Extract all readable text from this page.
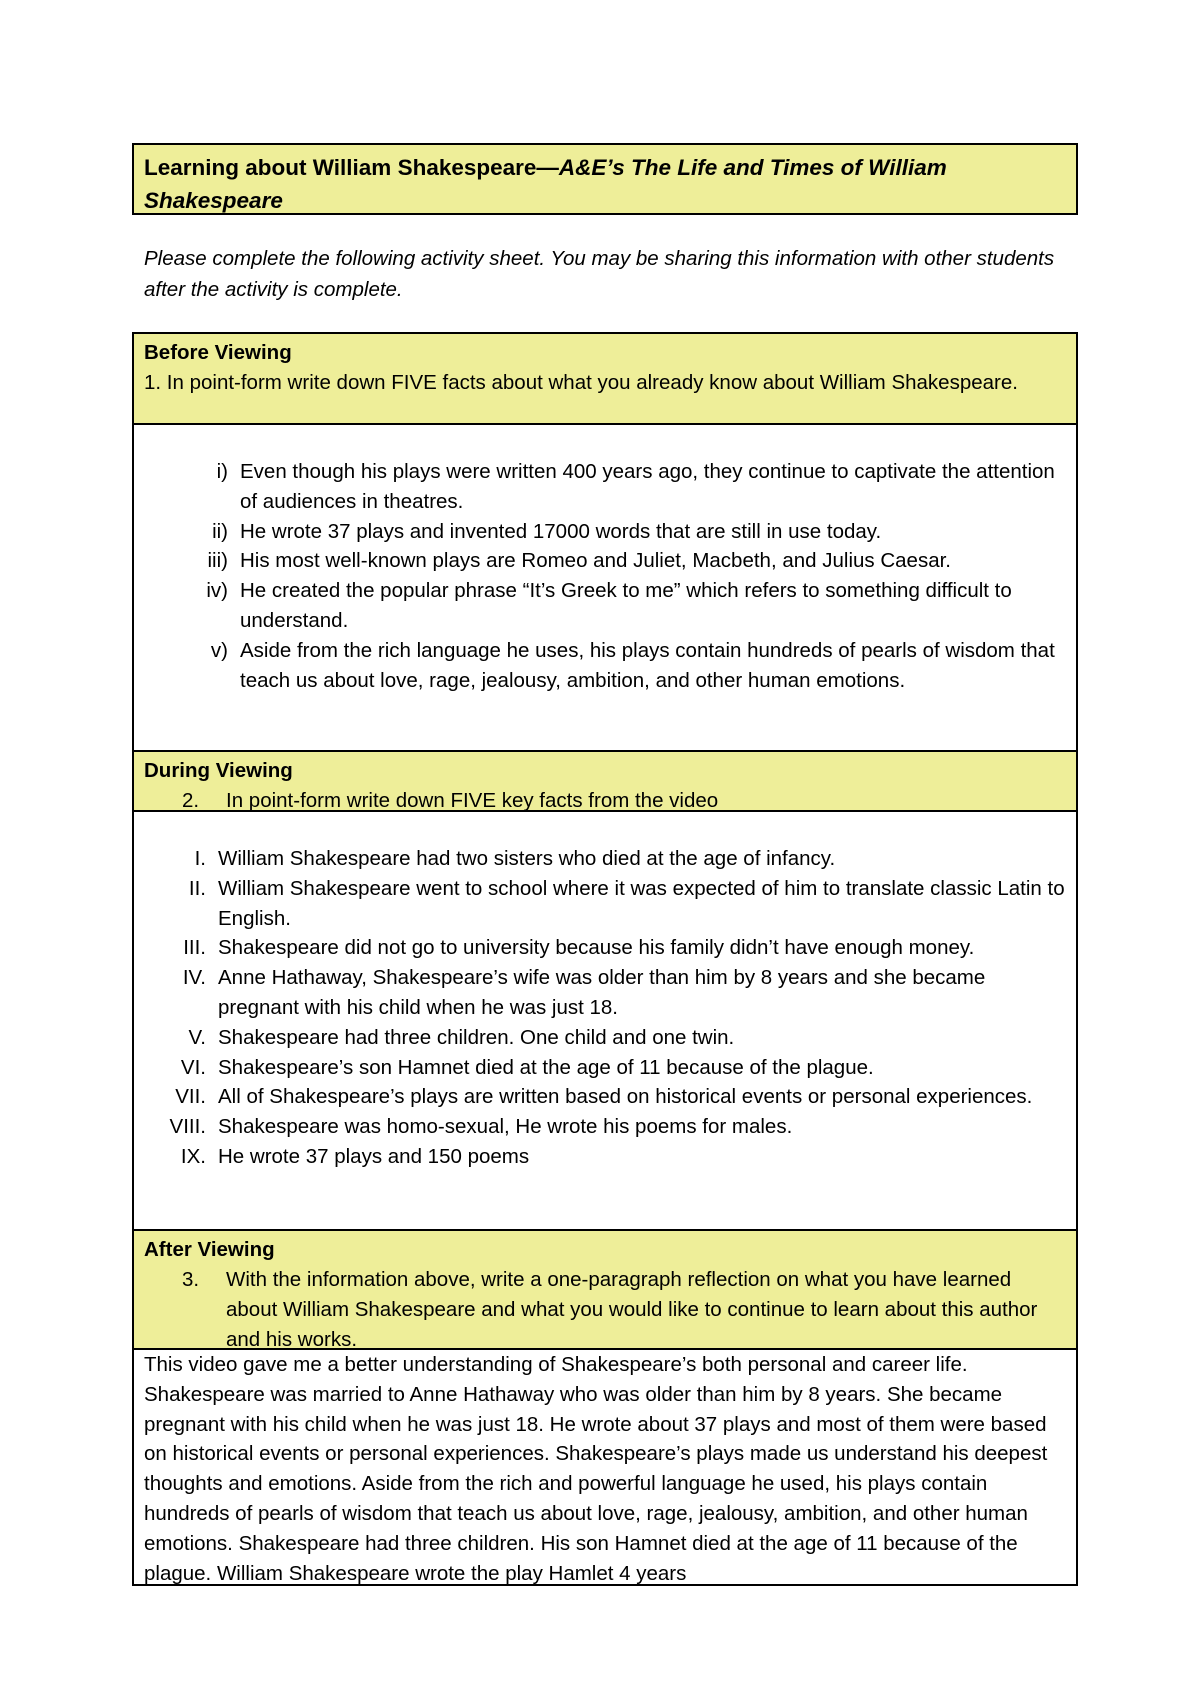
Learning about William Shakespeare—A&E’s The Life and Times of William Shakespeare
Please complete the following activity sheet. You may be sharing this information with other students after the activity is complete.
Before Viewing
1. In point-form write down FIVE facts about what you already know about William Shakespeare.
i) Even though his plays were written 400 years ago, they continue to captivate the attention of audiences in theatres.
ii) He wrote 37 plays and invented 17000 words that are still in use today.
iii) His most well-known plays are Romeo and Juliet, Macbeth, and Julius Caesar.
iv) He created the popular phrase “It’s Greek to me” which refers to something difficult to understand.
v) Aside from the rich language he uses, his plays contain hundreds of pearls of wisdom that teach us about love, rage, jealousy, ambition, and other human emotions.
During Viewing
2. In point-form write down FIVE key facts from the video
I. William Shakespeare had two sisters who died at the age of infancy.
II. William Shakespeare went to school where it was expected of him to translate classic Latin to English.
III. Shakespeare did not go to university because his family didn’t have enough money.
IV. Anne Hathaway, Shakespeare’s wife was older than him by 8 years and she became pregnant with his child when he was just 18.
V. Shakespeare had three children. One child and one twin.
VI. Shakespeare’s son Hamnet died at the age of 11 because of the plague.
VII. All of Shakespeare’s plays are written based on historical events or personal experiences.
VIII. Shakespeare was homo-sexual, He wrote his poems for males.
IX. He wrote 37 plays and 150 poems
After Viewing
3. With the information above, write a one-paragraph reflection on what you have learned about William Shakespeare and what you would like to continue to learn about this author and his works.
This video gave me a better understanding of Shakespeare’s both personal and career life. Shakespeare was married to Anne Hathaway who was older than him by 8 years. She became pregnant with his child when he was just 18. He wrote about 37 plays and most of them were based on historical events or personal experiences. Shakespeare’s plays made us understand his deepest thoughts and emotions. Aside from the rich and powerful language he used, his plays contain hundreds of pearls of wisdom that teach us about love, rage, jealousy, ambition, and other human emotions. Shakespeare had three children. His son Hamnet died at the age of 11 because of the plague. William Shakespeare wrote the play Hamlet 4 years
